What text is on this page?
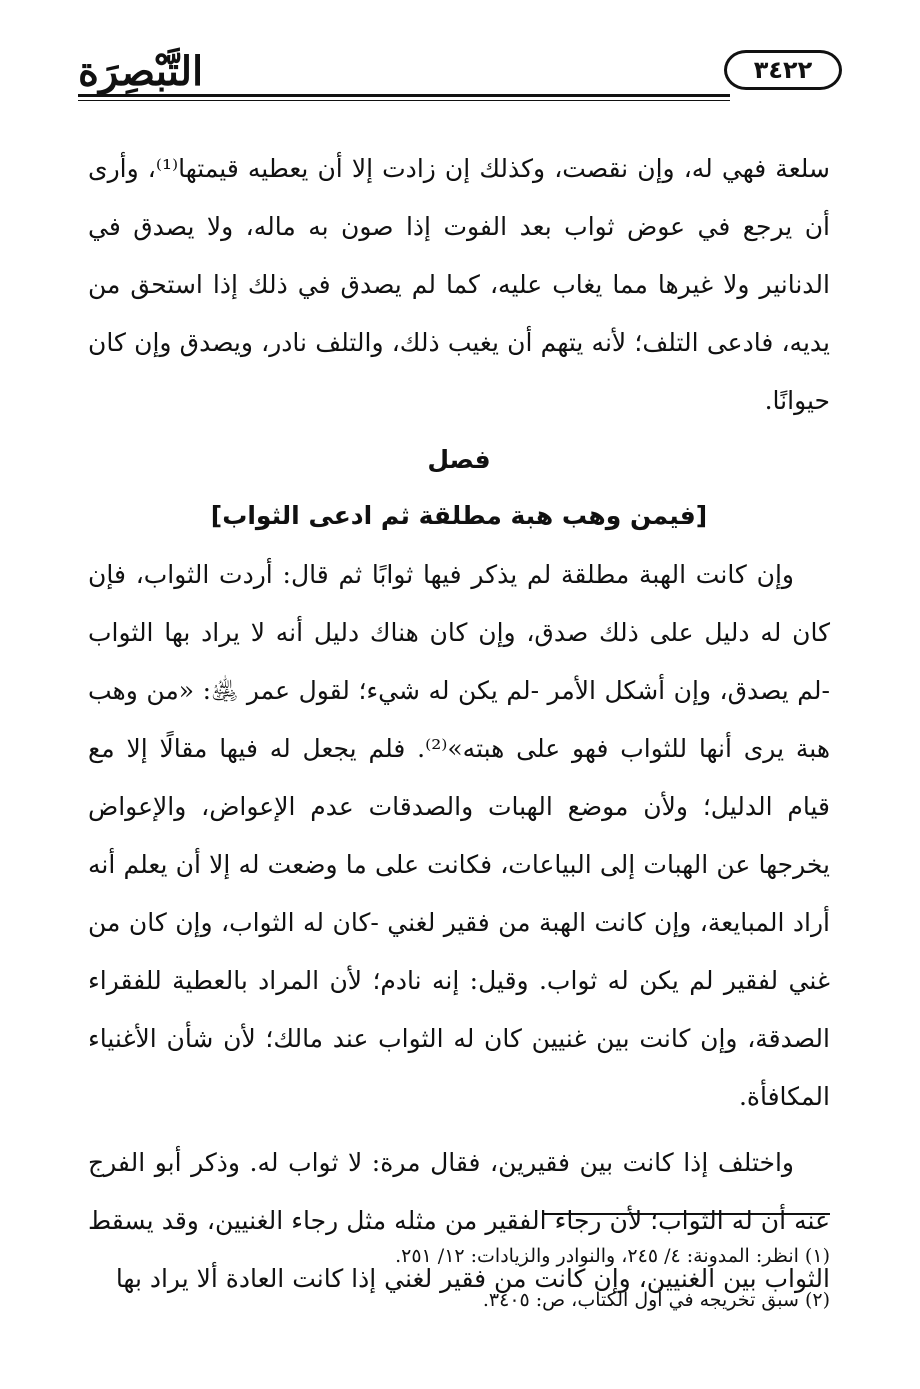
التَّبْصِرَة	٣٤٢٢

سلعة فهي له، وإن نقصت، وكذلك إن زادت إلا أن يعطيه قيمتها⁽¹⁾، وأرى أن يرجع في عوض ثواب بعد الفوت إذا صون به ماله، ولا يصدق في الدنانير ولا غيرها مما يغاب عليه، كما لم يصدق في ذلك إذا استحق من يديه، فادعى التلف؛ لأنه يتهم أن يغيب ذلك، والتلف نادر، ويصدق وإن كان حيوانًا.

فصل
[فيمن وهب هبة مطلقة ثم ادعى الثواب]

وإن كانت الهبة مطلقة لم يذكر فيها ثوابًا ثم قال: أردت الثواب، فإن كان له دليل على ذلك صدق، وإن كان هناك دليل أنه لا يراد بها الثواب -لم يصدق، وإن أشكل الأمر -لم يكن له شيء؛ لقول عمر ﵁: «من وهب هبة يرى أنها للثواب فهو على هبته»⁽²⁾. فلم يجعل له فيها مقالًا إلا مع قيام الدليل؛ ولأن موضع الهبات والصدقات عدم الإعواض، والإعواض يخرجها عن الهبات إلى البياعات، فكانت على ما وضعت له إلا أن يعلم أنه أراد المبايعة، وإن كانت الهبة من فقير لغني -كان له الثواب، وإن كان من غني لفقير لم يكن له ثواب. وقيل: إنه نادم؛ لأن المراد بالعطية للفقراء الصدقة، وإن كانت بين غنيين كان له الثواب عند مالك؛ لأن شأن الأغنياء المكافأة.

واختلف إذا كانت بين فقيرين، فقال مرة: لا ثواب له. وذكر أبو الفرج عنه أن له الثواب؛ لأن رجاء الفقير من مثله مثل رجاء الغنيين، وقد يسقط الثواب بين الغنيين، وإن كانت من فقير لغني إذا كانت العادة ألا يراد بها

(١) انظر: المدونة: ٤/ ٢٤٥، والنوادر والزيادات: ١٢/ ٢٥١.

(٢) سبق تخريجه في أول الكتاب، ص: ٣٤٠٥.
